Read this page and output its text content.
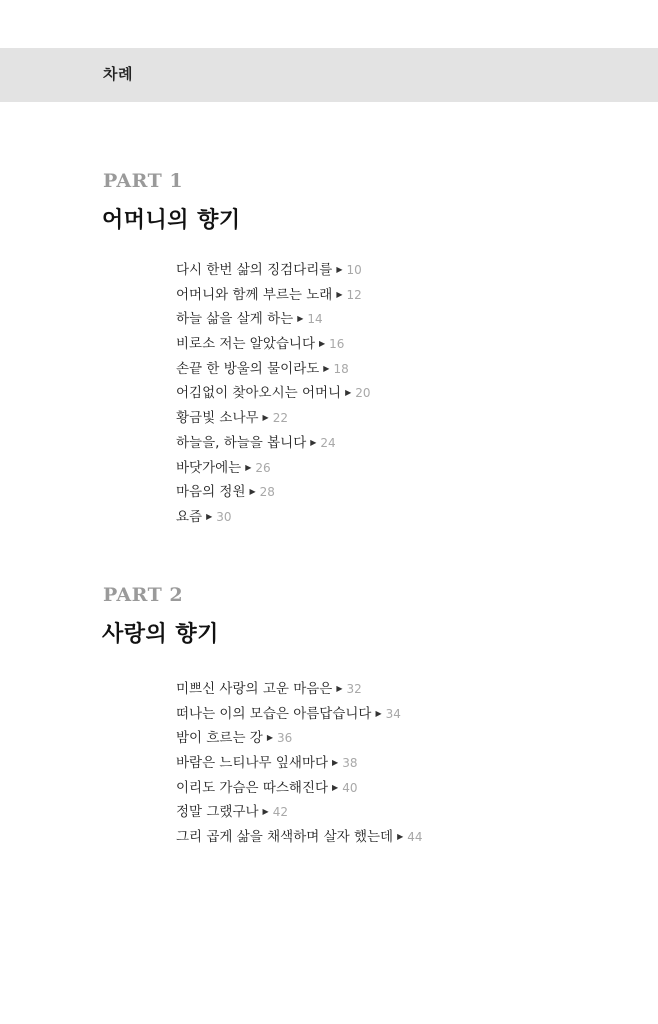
차례
PART 1
어머니의 향기
다시 한번 삶의 징검다리를 ▶ 10
어머니와 함께 부르는 노래 ▶ 12
하늘 삶을 살게 하는 ▶ 14
비로소 저는 알았습니다 ▶ 16
손끝 한 방울의 물이라도 ▶ 18
어김없이 찾아오시는 어머니 ▶ 20
황금빛 소나무 ▶ 22
하늘을, 하늘을 봅니다 ▶ 24
바닷가에는 ▶ 26
마음의 정원 ▶ 28
요즘 ▶ 30
PART 2
사랑의 향기
미쁘신 사랑의 고운 마음은 ▶ 32
떠나는 이의 모습은 아름답습니다 ▶ 34
밤이 흐르는 강 ▶ 36
바람은 느티나무 잎새마다 ▶ 38
이리도 가슴은 따스해진다 ▶ 40
정말 그랬구나 ▶ 42
그리 곱게 삶을 채색하며 살자 했는데 ▶ 44
